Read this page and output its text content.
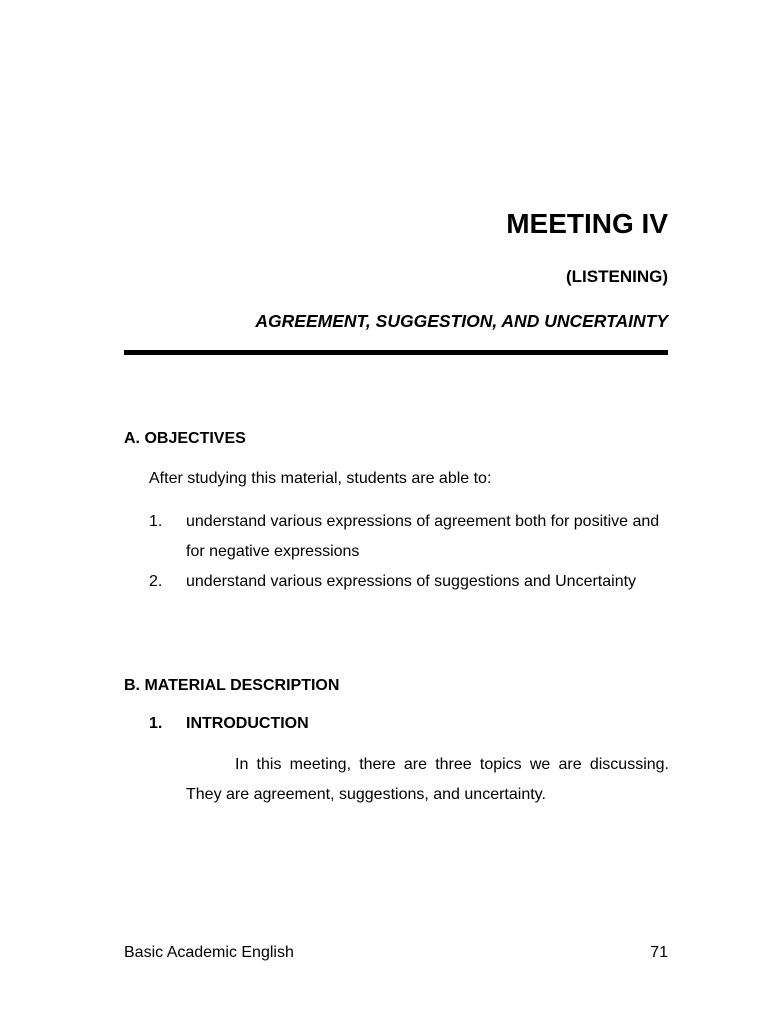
MEETING IV
(LISTENING)
AGREEMENT, SUGGESTION, AND UNCERTAINTY
A. OBJECTIVES

After studying this material, students are able to:

1.	understand various expressions of agreement both for positive and for negative expressions
2.	understand various expressions of suggestions and Uncertainty
B. MATERIAL DESCRIPTION
1.	INTRODUCTION

In this meeting, there are three topics we are discussing. They are agreement, suggestions, and uncertainty.

Basic Academic English	71
